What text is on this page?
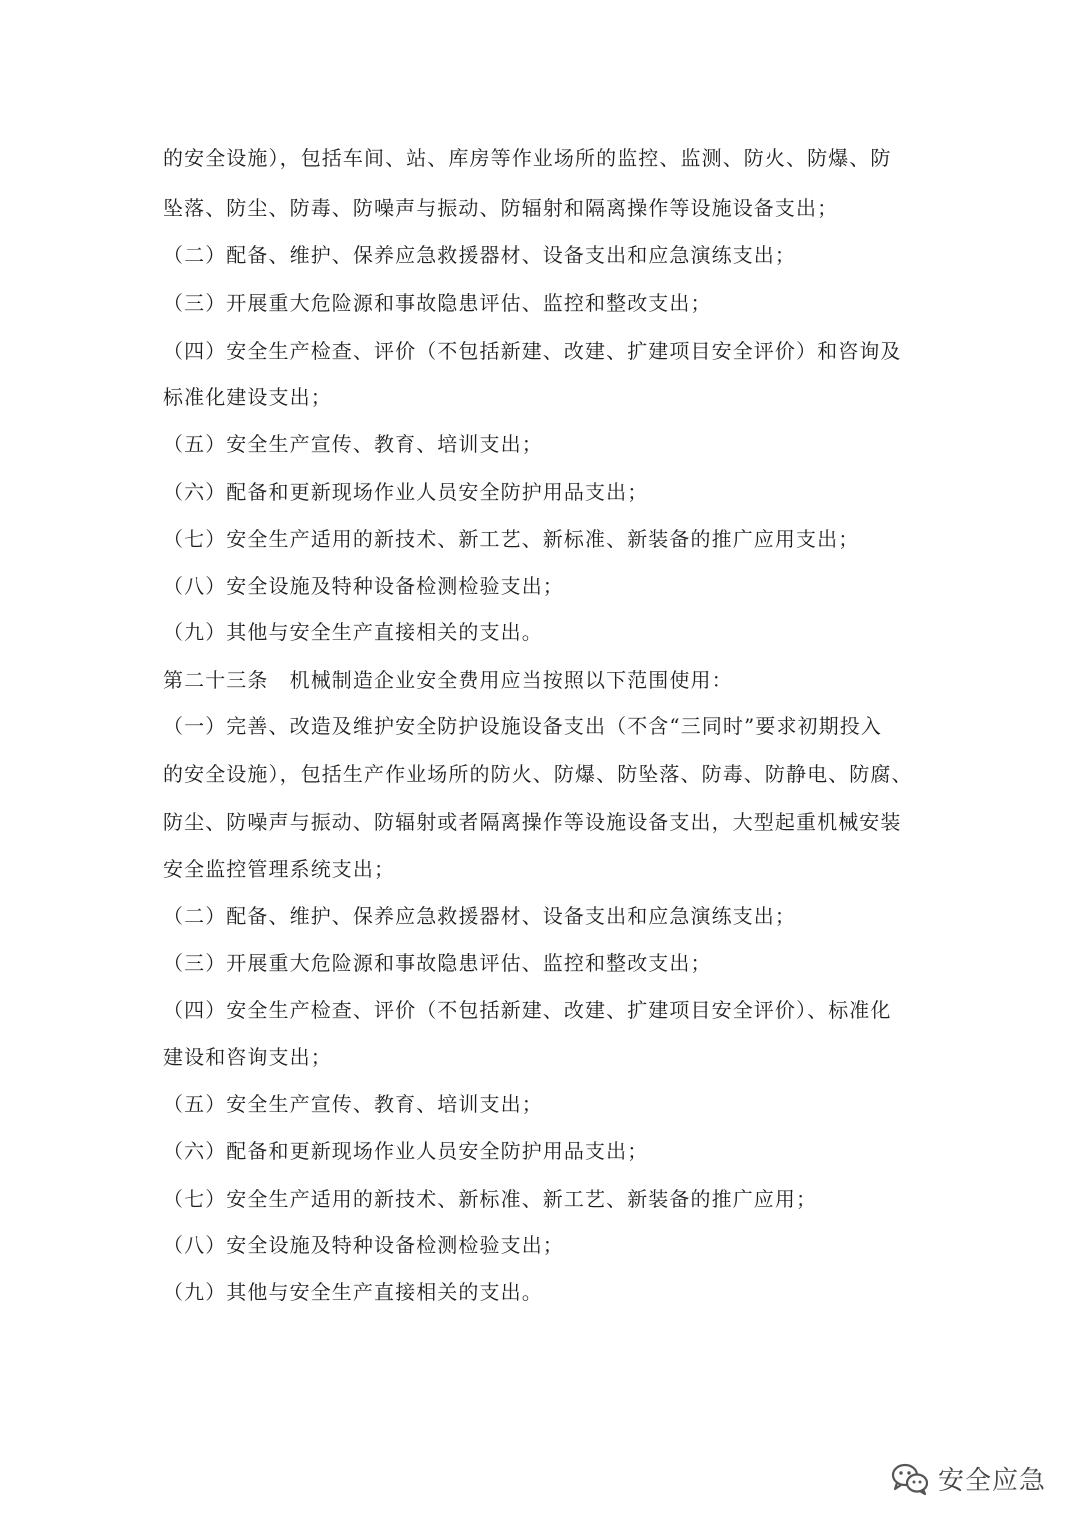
的安全设施），包括车间、站、库房等作业场所的监控、监测、防火、防爆、防
坠落、防尘、防毒、防噪声与振动、防辐射和隔离操作等设施设备支出；
（二）配备、维护、保养应急救援器材、设备支出和应急演练支出；
（三）开展重大危险源和事故隐患评估、监控和整改支出；
（四）安全生产检查、评价（不包括新建、改建、扩建项目安全评价）和咨询及
标准化建设支出；
（五）安全生产宣传、教育、培训支出；
（六）配备和更新现场作业人员安全防护用品支出；
（七）安全生产适用的新技术、新工艺、新标准、新装备的推广应用支出；
（八）安全设施及特种设备检测检验支出；
（九）其他与安全生产直接相关的支出。
第二十三条　机械制造企业安全费用应当按照以下范围使用：
（一）完善、改造及维护安全防护设施设备支出（不含“三同时”要求初期投入
的安全设施），包括生产作业场所的防火、防爆、防坠落、防毒、防静电、防腐、
防尘、防噪声与振动、防辐射或者隔离操作等设施设备支出，大型起重机械安装
安全监控管理系统支出；
（二）配备、维护、保养应急救援器材、设备支出和应急演练支出；
（三）开展重大危险源和事故隐患评估、监控和整改支出；
（四）安全生产检查、评价（不包括新建、改建、扩建项目安全评价）、标准化
建设和咨询支出；
（五）安全生产宣传、教育、培训支出；
（六）配备和更新现场作业人员安全防护用品支出；
（七）安全生产适用的新技术、新标准、新工艺、新装备的推广应用；
（八）安全设施及特种设备检测检验支出；
（九）其他与安全生产直接相关的支出。
安全应急
